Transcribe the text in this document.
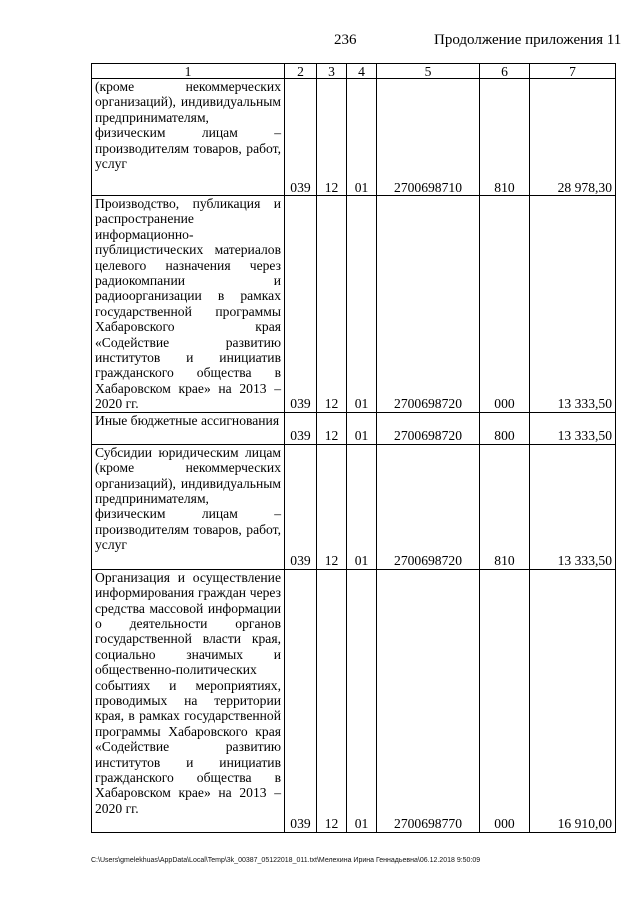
236	Продолжение приложения 11
1	2	3	4	5	6	7
(кроме некоммерческих организаций), индивидуальным предпринимателям, физическим лицам – производителям товаров, работ, услуг	039	12	01	2700698710	810	28 978,30
Производство, публикация и распространение информационно-публицистических материалов целевого назначения через радиокомпании и радиоорганизации в рамках государственной программы Хабаровского края «Содействие развитию институтов и инициатив гражданского общества в Хабаровском крае» на 2013 – 2020 гг.	039	12	01	2700698720	000	13 333,50
Иные бюджетные ассигнования	039	12	01	2700698720	800	13 333,50
Субсидии юридическим лицам (кроме некоммерческих организаций), индивидуальным предпринимателям, физическим лицам – производителям товаров, работ, услуг	039	12	01	2700698720	810	13 333,50
Организация и осуществление информирования граждан через средства массовой информации о деятельности органов государственной власти края, социально значимых и общественно-политических событиях и мероприятиях, проводимых на территории края, в рамках государственной программы Хабаровского края «Содействие развитию институтов и инициатив гражданского общества в Хабаровском крае» на 2013 – 2020 гг.	039	12	01	2700698770	000	16 910,00
C:\Users\gmelekhuas\AppData\Local\Temp\3k_00387_05122018_011.txt\Мелехина Ирина Геннадьевна\06.12.2018 9:50:09
